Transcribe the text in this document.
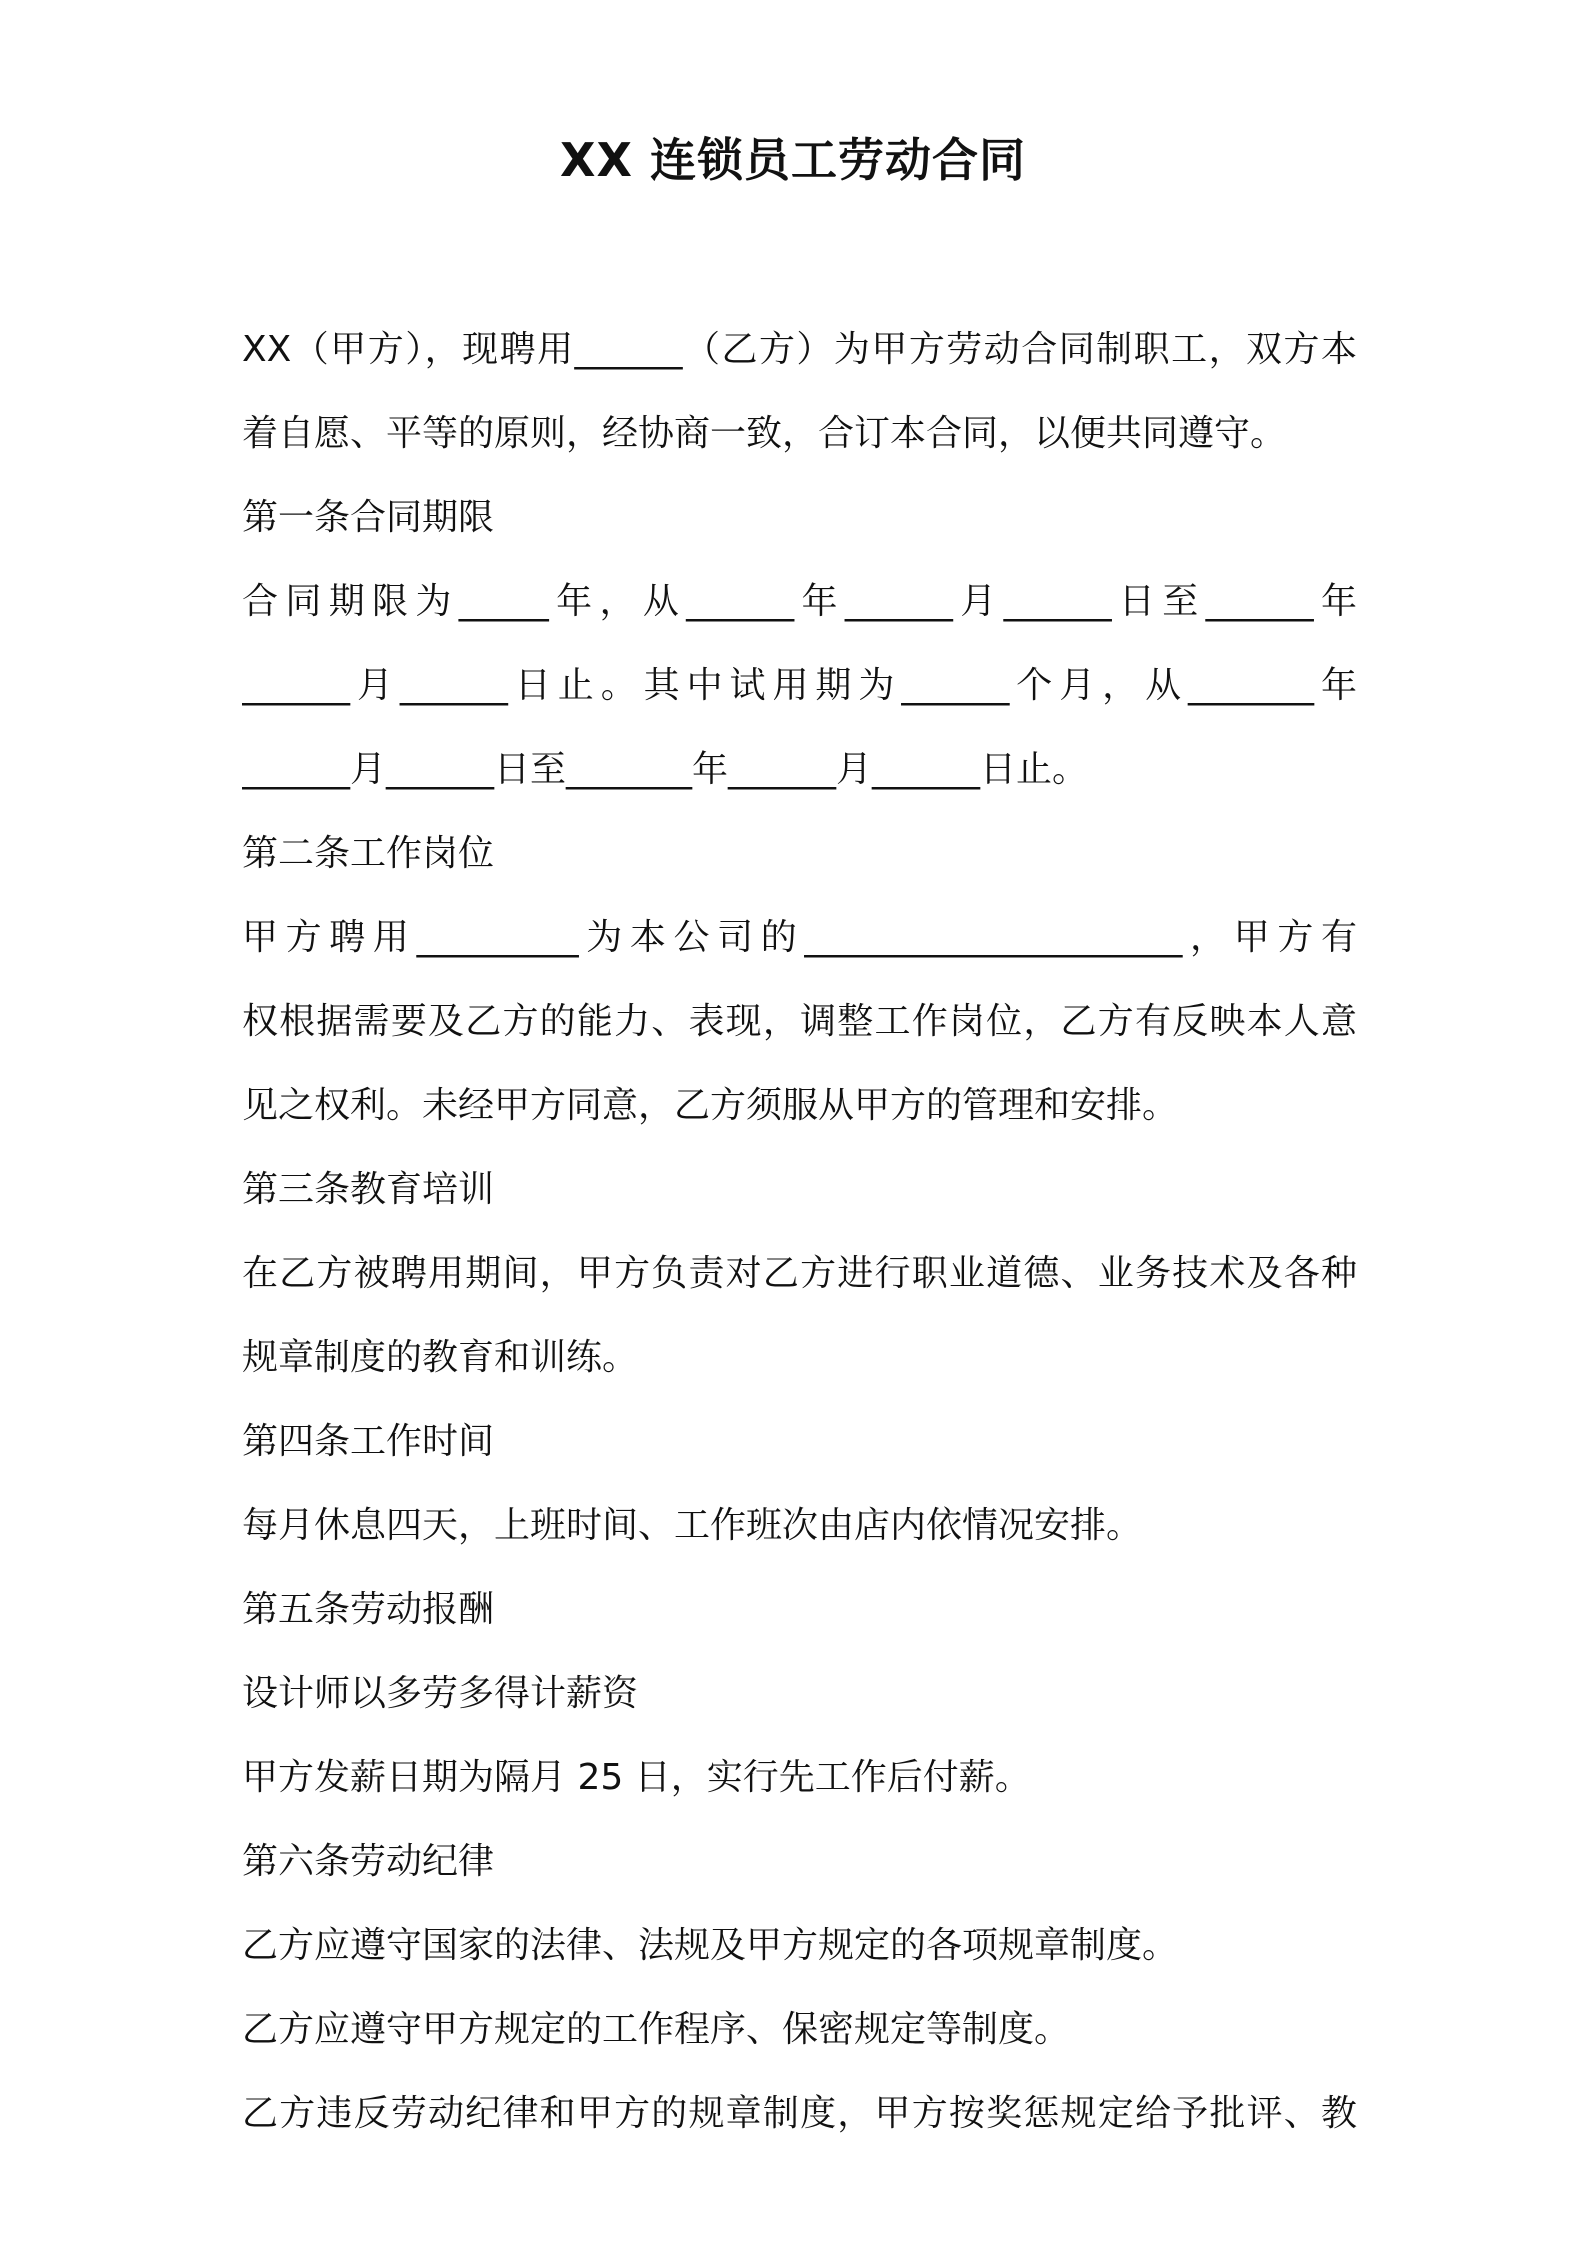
XX 连锁员工劳动合同
XX（甲方），现聘用______（乙方）为甲方劳动合同制职工，双方本
着自愿、平等的原则，经协商一致，合订本合同，以便共同遵守。
第一条合同期限
合同期限为_____年，从______年______月______日至______年
______月______日止。其中试用期为______个月，从_______年
______月______日至_______年______月______日止。
第二条工作岗位
甲方聘用_________为本公司的_____________________，甲方有
权根据需要及乙方的能力、表现，调整工作岗位，乙方有反映本人意
见之权利。未经甲方同意，乙方须服从甲方的管理和安排。
第三条教育培训
在乙方被聘用期间，甲方负责对乙方进行职业道德、业务技术及各种
规章制度的教育和训练。
第四条工作时间
每月休息四天，上班时间、工作班次由店内依情况安排。
第五条劳动报酬
设计师以多劳多得计薪资
甲方发薪日期为隔月 25 日，实行先工作后付薪。
第六条劳动纪律
乙方应遵守国家的法律、法规及甲方规定的各项规章制度。
乙方应遵守甲方规定的工作程序、保密规定等制度。
乙方违反劳动纪律和甲方的规章制度，甲方按奖惩规定给予批评、教
